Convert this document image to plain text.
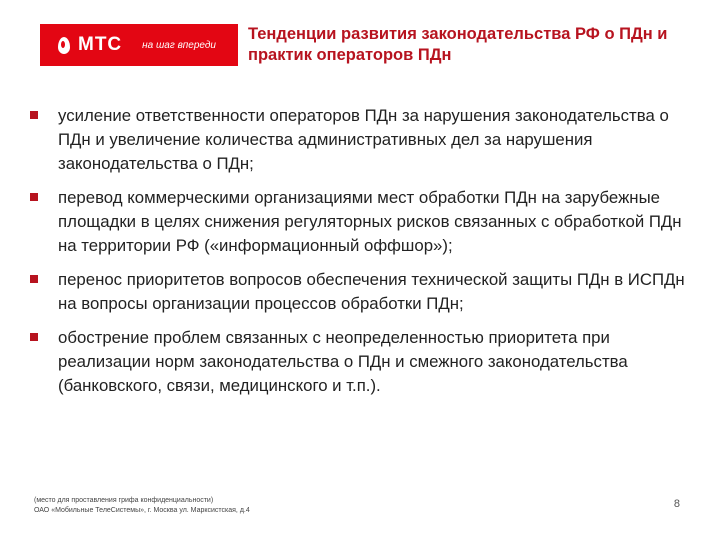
МТС на шаг впереди
Тенденции развития законодательства РФ о ПДн и практик операторов ПДн
усиление ответственности операторов ПДн за нарушения законодательства о ПДн и увеличение количества административных дел за нарушения законодательства о ПДн;
перевод коммерческими организациями мест обработки ПДн на зарубежные площадки в целях снижения регуляторных рисков связанных с обработкой ПДн на территории РФ («информационный оффшор»);
перенос приоритетов вопросов обеспечения технической защиты ПДн в ИСПДн на вопросы организации процессов обработки ПДн;
обострение проблем связанных с неопределенностью приоритета при реализации норм законодательства о ПДн и смежного законодательства (банковского, связи, медицинского и т.п.).
(место для проставления грифа конфиденциальности)
ОАО «Мобильные ТелеСистемы», г. Москва ул. Марксистская, д.4
8
